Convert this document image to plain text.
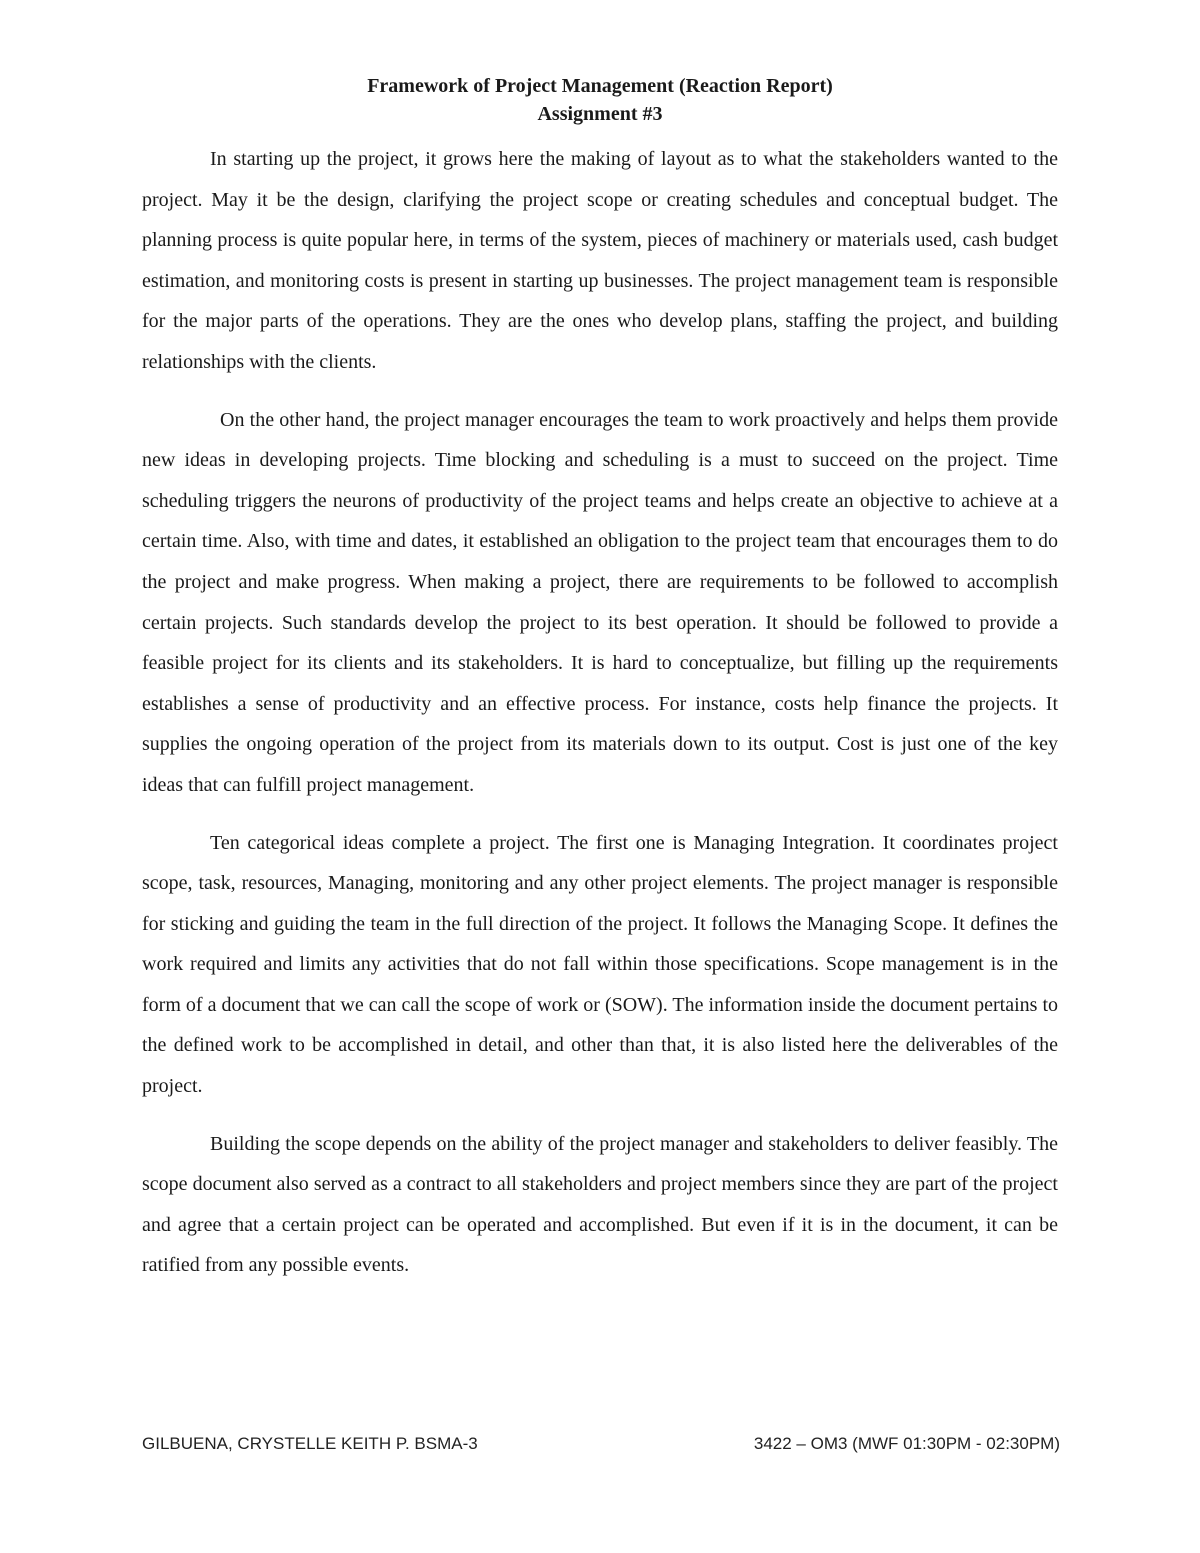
Framework of Project Management (Reaction Report)
Assignment #3

In starting up the project, it grows here the making of layout as to what the stakeholders wanted to the project. May it be the design, clarifying the project scope or creating schedules and conceptual budget. The planning process is quite popular here, in terms of the system, pieces of machinery or materials used, cash budget estimation, and monitoring costs is present in starting up businesses. The project management team is responsible for the major parts of the operations. They are the ones who develop plans, staffing the project, and building relationships with the clients.

On the other hand, the project manager encourages the team to work proactively and helps them provide new ideas in developing projects. Time blocking and scheduling is a must to succeed on the project. Time scheduling triggers the neurons of productivity of the project teams and helps create an objective to achieve at a certain time. Also, with time and dates, it established an obligation to the project team that encourages them to do the project and make progress. When making a project, there are requirements to be followed to accomplish certain projects. Such standards develop the project to its best operation. It should be followed to provide a feasible project for its clients and its stakeholders. It is hard to conceptualize, but filling up the requirements establishes a sense of productivity and an effective process. For instance, costs help finance the projects. It supplies the ongoing operation of the project from its materials down to its output. Cost is just one of the key ideas that can fulfill project management.

Ten categorical ideas complete a project. The first one is Managing Integration. It coordinates project scope, task, resources, Managing, monitoring and any other project elements. The project manager is responsible for sticking and guiding the team in the full direction of the project. It follows the Managing Scope. It defines the work required and limits any activities that do not fall within those specifications. Scope management is in the form of a document that we can call the scope of work or (SOW). The information inside the document pertains to the defined work to be accomplished in detail, and other than that, it is also listed here the deliverables of the project.

Building the scope depends on the ability of the project manager and stakeholders to deliver feasibly. The scope document also served as a contract to all stakeholders and project members since they are part of the project and agree that a certain project can be operated and accomplished. But even if it is in the document, it can be ratified from any possible events.

GILBUENA, CRYSTELLE KEITH P. BSMA-3	3422 – OM3 (MWF 01:30PM - 02:30PM)
